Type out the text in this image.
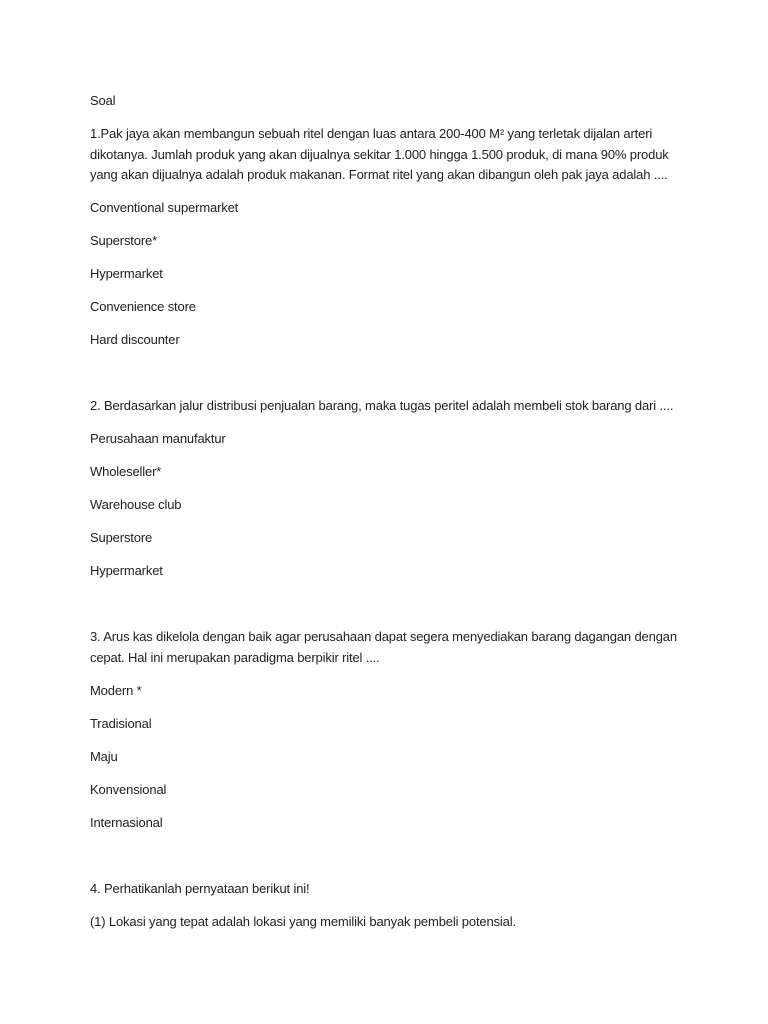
Soal

1.Pak jaya akan membangun sebuah ritel dengan luas antara 200-400 M² yang terletak dijalan arteri dikotanya. Jumlah produk yang akan dijualnya sekitar 1.000 hingga 1.500 produk, di mana 90% produk yang akan dijualnya adalah produk makanan. Format ritel yang akan dibangun oleh pak jaya adalah ....

Conventional supermarket

Superstore*

Hypermarket

Convenience store

Hard discounter

2. Berdasarkan jalur distribusi penjualan barang, maka tugas peritel adalah membeli stok barang dari ....

Perusahaan manufaktur

Wholeseller*

Warehouse club

Superstore

Hypermarket

3. Arus kas dikelola dengan baik agar perusahaan dapat segera menyediakan barang dagangan dengan cepat. Hal ini merupakan paradigma berpikir ritel ....

Modern *

Tradisional

Maju

Konvensional

Internasional

4. Perhatikanlah pernyataan berikut ini!

(1) Lokasi yang tepat adalah lokasi yang memiliki banyak pembeli potensial.
